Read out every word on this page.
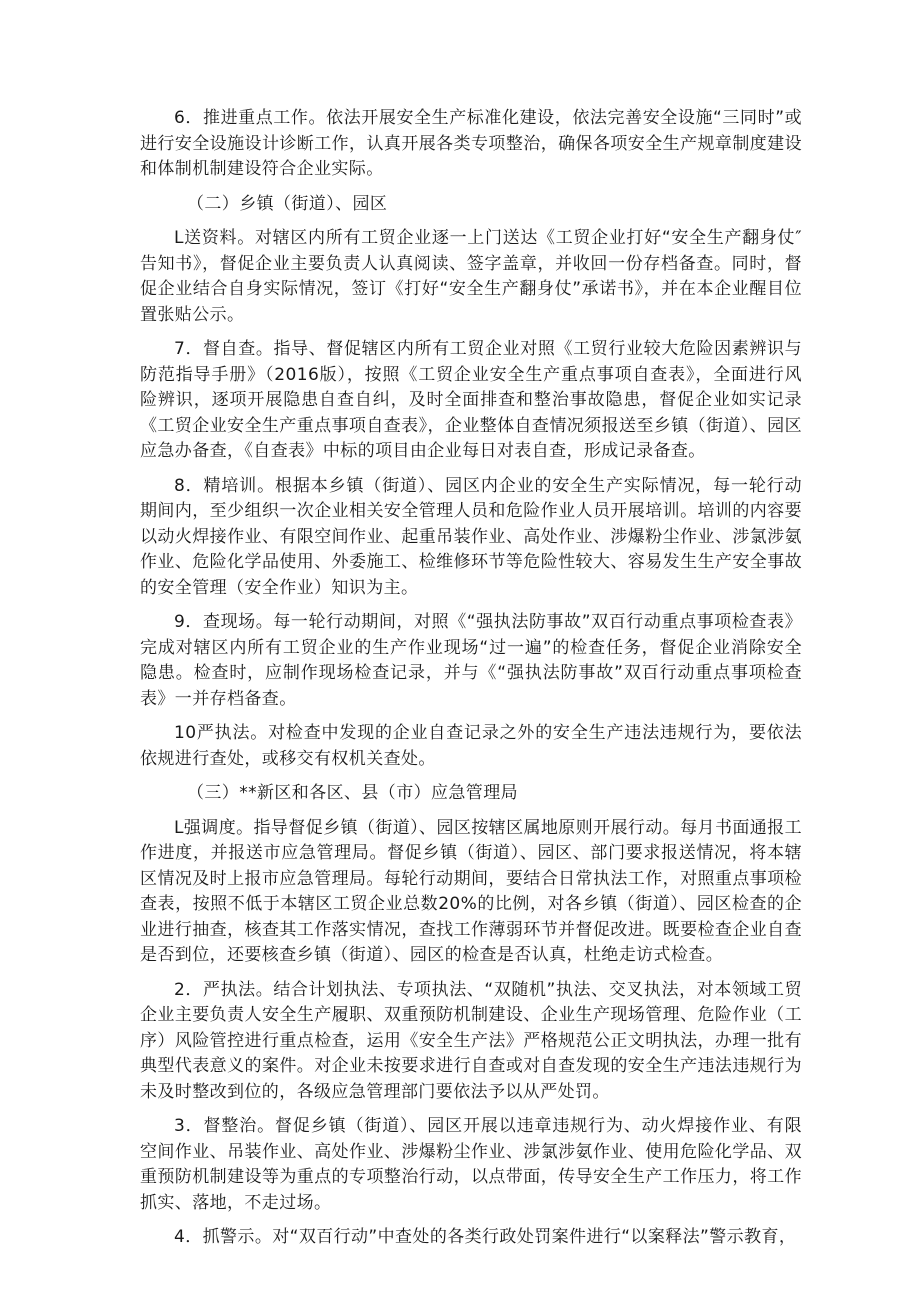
6．推进重点工作。依法开展安全生产标准化建设，依法完善安全设施“三同时”或进行安全设施设计诊断工作，认真开展各类专项整治，确保各项安全生产规章制度建设和体制机制建设符合企业实际。

（二）乡镇（街道）、园区

L送资料。对辖区内所有工贸企业逐一上门送达《工贸企业打好“安全生产翻身仗″告知书》，督促企业主要负责人认真阅读、签字盖章，并收回一份存档备查。同时，督促企业结合自身实际情况，签订《打好“安全生产翻身仗”承诺书》，并在本企业醒目位置张贴公示。

7．督自查。指导、督促辖区内所有工贸企业对照《工贸行业较大危险因素辨识与防范指导手册》（2016版），按照《工贸企业安全生产重点事项自查表》，全面进行风险辨识，逐项开展隐患自查自纠，及时全面排查和整治事故隐患，督促企业如实记录《工贸企业安全生产重点事项自查表》，企业整体自查情况须报送至乡镇（街道）、园区应急办备查，《自查表》中标的项目由企业每日对表自查，形成记录备查。

8．精培训。根据本乡镇（街道）、园区内企业的安全生产实际情况，每一轮行动期间内，至少组织一次企业相关安全管理人员和危险作业人员开展培训。培训的内容要以动火焊接作业、有限空间作业、起重吊装作业、高处作业、涉爆粉尘作业、涉氯涉氨作业、危险化学品使用、外委施工、检维修环节等危险性较大、容易发生生产安全事故的安全管理（安全作业）知识为主。

9．查现场。每一轮行动期间，对照《“强执法防事故”双百行动重点事项检查表》完成对辖区内所有工贸企业的生产作业现场“过一遍”的检查任务，督促企业消除安全隐患。检查时，应制作现场检查记录，并与《“强执法防事故”双百行动重点事项检查表》一并存档备查。

10严执法。对检查中发现的企业自查记录之外的安全生产违法违规行为，要依法依规进行查处，或移交有权机关查处。

（三）**新区和各区、县（市）应急管理局

L强调度。指导督促乡镇（街道）、园区按辖区属地原则开展行动。每月书面通报工作进度，并报送市应急管理局。督促乡镇（街道）、园区、部门要求报送情况，将本辖区情况及时上报市应急管理局。每轮行动期间，要结合日常执法工作，对照重点事项检查表，按照不低于本辖区工贸企业总数20%的比例，对各乡镇（街道）、园区检查的企业进行抽查，核查其工作落实情况，查找工作薄弱环节并督促改进。既要检查企业自查是否到位，还要核查乡镇（街道）、园区的检查是否认真，杜绝走访式检查。

2．严执法。结合计划执法、专项执法、“双随机”执法、交叉执法，对本领域工贸企业主要负责人安全生产履职、双重预防机制建设、企业生产现场管理、危险作业（工序）风险管控进行重点检查，运用《安全生产法》严格规范公正文明执法，办理一批有典型代表意义的案件。对企业未按要求进行自查或对自查发现的安全生产违法违规行为未及时整改到位的，各级应急管理部门要依法予以从严处罚。

3．督整治。督促乡镇（街道）、园区开展以违章违规行为、动火焊接作业、有限空间作业、吊装作业、高处作业、涉爆粉尘作业、涉氯涉氨作业、使用危险化学品、双重预防机制建设等为重点的专项整治行动，以点带面，传导安全生产工作压力，将工作抓实、落地，不走过场。

4．抓警示。对“双百行动”中查处的各类行政处罚案件进行“以案释法”警示教育，
